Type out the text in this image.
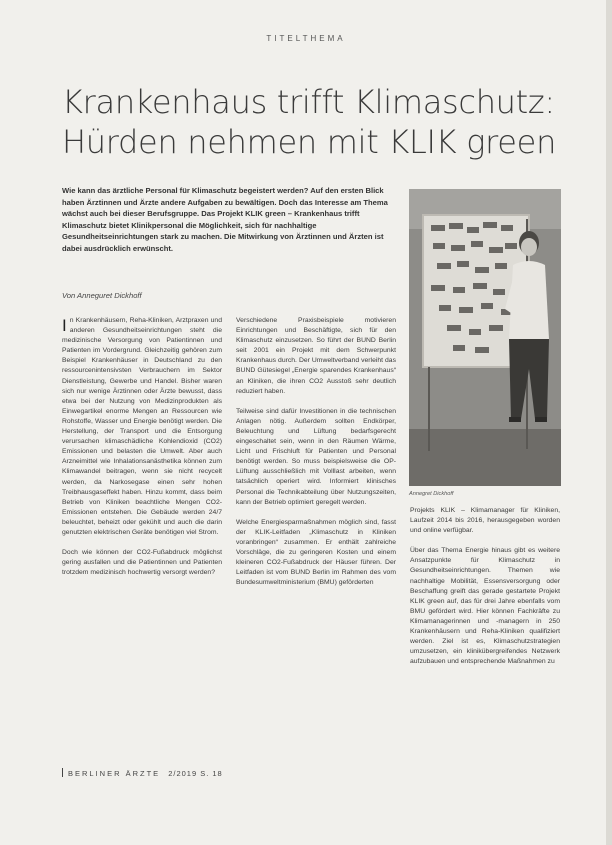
TITELTHEMA
Krankenhaus trifft Klimaschutz:
Hürden nehmen mit KLIK green
Wie kann das ärztliche Personal für Klimaschutz begeistert werden? Auf den ersten Blick haben Ärztinnen und Ärzte andere Aufgaben zu bewältigen. Doch das Interesse am Thema wächst auch bei dieser Berufsgruppe. Das Projekt KLIK green – Krankenhaus trifft Klimaschutz bietet Klinikpersonal die Möglichkeit, sich für nachhaltige Gesundheitseinrichtungen stark zu machen. Die Mitwirkung von Ärztinnen und Ärzten ist dabei ausdrücklich erwünscht.
Von Anneguret Dickhoff

In Krankenhäusern, Reha-Kliniken, Arztpraxen und anderen Gesundheitseinrichtungen steht die medizinische Versorgung von Patientinnen und Patienten im Vordergrund. Gleichzeitig gehören zum Beispiel Krankenhäuser in Deutschland zu den ressourcenintensivsten Verbrauchern im Sektor Dienstleistung, Gewerbe und Handel. Bisher waren sich nur wenige Ärztinnen oder Ärzte bewusst, dass etwa bei der Nutzung von Medizinprodukten als Einwegartikel enorme Mengen an Ressourcen wie Rohstoffe, Wasser und Energie benötigt werden. Die Herstellung, der Transport und die Entsorgung verursachen klimaschädliche Kohlendioxid (CO2) Emissionen und belasten die Umwelt. Aber auch Arzneimittel wie Inhalationsanästhetika können zum Klimawandel beitragen, wenn sie nicht recycelt werden, da Narkosegase einen sehr hohen Treibhausgaseffekt haben. Hinzu kommt, dass beim Betrieb von Kliniken beachtliche Mengen CO2-Emissionen entstehen. Die Gebäude werden 24/7 beleuchtet, beheizt oder gekühlt und auch die darin genutzten elektrischen Geräte benötigen viel Strom.

Doch wie können der CO2-Fußabdruck möglichst gering ausfallen und die Patientinnen und Patienten trotzdem medizinisch hochwertig versorgt werden?

Verschiedene Praxisbeispiele motivieren Einrichtungen und Beschäftigte, sich für den Klimaschutz einzusetzen. So führt der BUND Berlin seit 2001 ein Projekt mit dem Schwerpunkt Krankenhaus durch. Der Umweltverband verleiht das BUND Gütesiegel „Energie sparendes Krankenhaus“ an Kliniken, die ihren CO2 Ausstoß sehr deutlich reduziert haben.

Teilweise sind dafür Investitionen in die technischen Anlagen nötig. Außerdem sollten Endkörper, Beleuchtung und Lüftung bedarfsgerecht eingeschaltet sein, wenn in den Räumen Wärme, Licht und Frischluft für Patienten und Personal benötigt werden. So muss beispielsweise die OP-Lüftung ausschließlich mit Volllast arbeiten, wenn tatsächlich operiert wird. Informiert klinisches Personal die Technikabteilung über Nutzungszeiten, kann der Betrieb optimiert geregelt werden.

Welche Energiesparmaßnahmen möglich sind, fasst der KLIK-Leitfaden „Klimaschutz in Kliniken voranbringen“ zusammen. Er enthält zahlreiche Vorschläge, die zu geringeren Kosten und einem kleineren CO2-Fußabdruck der Häuser führen. Der Leitfaden ist vom BUND Berlin im Rahmen des vom Bundesumweltministerium (BMU) geförderten

Annegret Dickhoff

Projekts KLIK – Klimamanager für Kliniken, Laufzeit 2014 bis 2016, herausgegeben worden und online verfügbar.

Über das Thema Energie hinaus gibt es weitere Ansatzpunkte für Klimaschutz in Gesundheitseinrichtungen. Themen wie nachhaltige Mobilität, Essensversorgung oder Beschaffung greift das gerade gestartete Projekt KLIK green auf, das für drei Jahre ebenfalls vom BMU gefördert wird. Hier können Fachkräfte zu Klimamanagerinnen und -managern in 250 Krankenhäusern und Reha-Kliniken qualifiziert werden. Ziel ist es, Klimaschutzstrategien umzusetzen, ein klinikübergreifendes Netzwerk aufzubauen und entsprechende Maßnahmen zu

BERLINER ÄRZTE 2/2019 S. 18
